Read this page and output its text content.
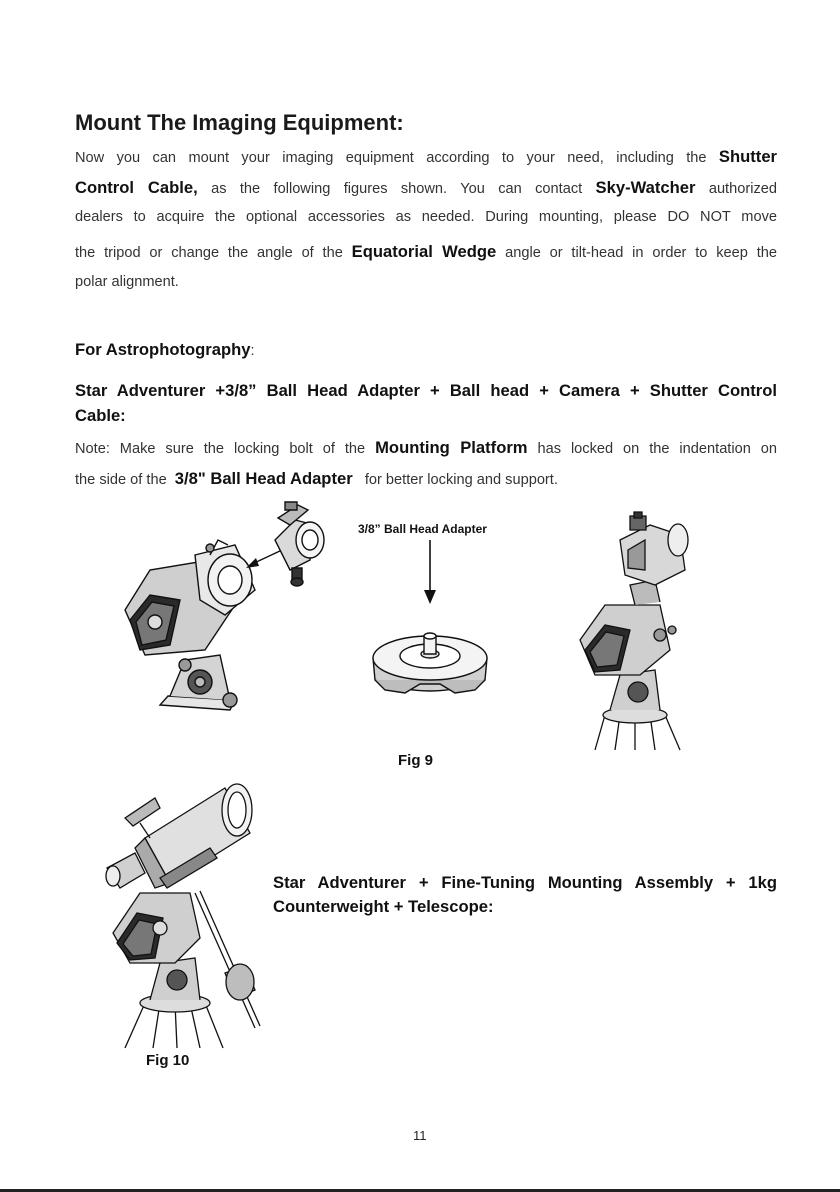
Mount The Imaging Equipment:
Now you can mount your imaging equipment according to your need, including the Shutter
Control Cable, as the following figures shown. You can contact Sky-Watcher authorized
dealers to acquire the optional accessories as needed. During mounting, please DO NOT move
the tripod or change the angle of the Equatorial Wedge angle or tilt-head in order to keep the
polar alignment.
For Astrophotography:
Star Adventurer +3/8” Ball Head Adapter + Ball head + Camera + Shutter Control
Cable:
Note: Make sure the locking bolt of the Mounting Platform has locked on the indentation on
the side of the 3/8" Ball Head Adapter for better locking and support.
3/8” Ball Head Adapter
Fig 9
Star Adventurer + Fine-Tuning Mounting Assembly + 1kg
Counterweight + Telescope:
Fig 10
11
